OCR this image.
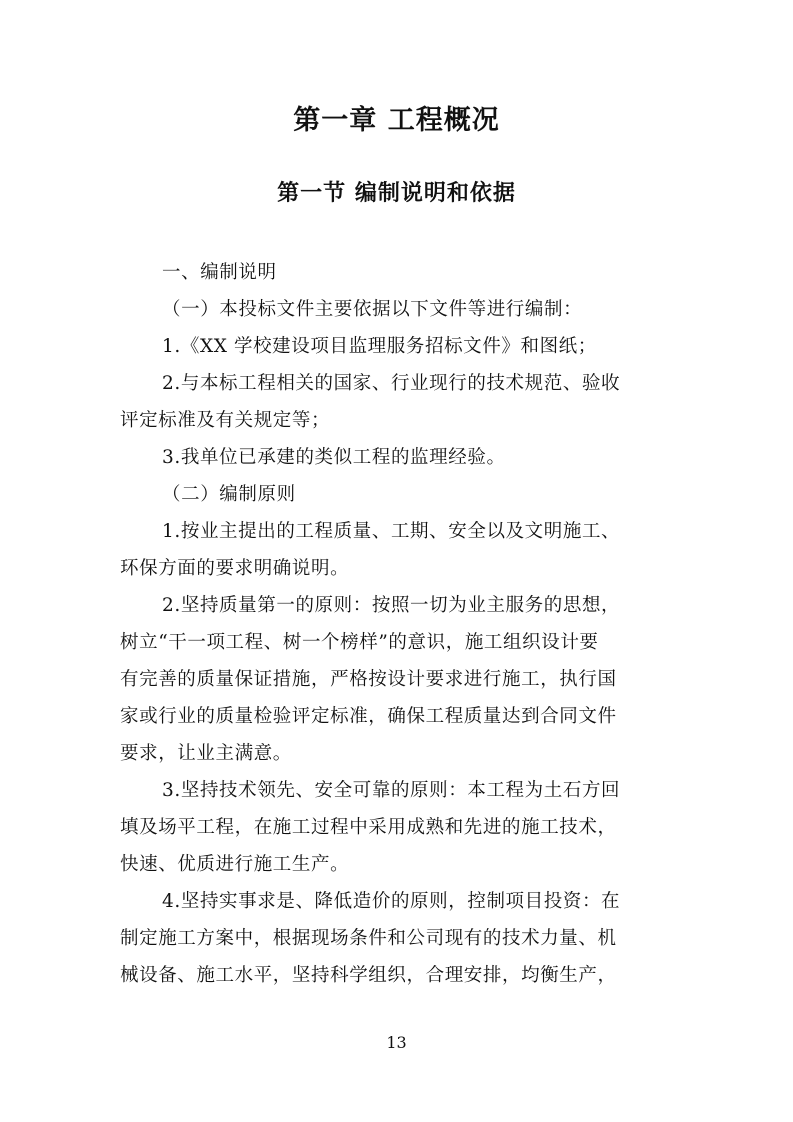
第一章 工程概况
第一节 编制说明和依据
一、编制说明
（一）本投标文件主要依据以下文件等进行编制：
1.《XX 学校建设项目监理服务招标文件》和图纸；
2.与本标工程相关的国家、行业现行的技术规范、验收
评定标准及有关规定等；
3.我单位已承建的类似工程的监理经验。
（二）编制原则
1.按业主提出的工程质量、工期、安全以及文明施工、
环保方面的要求明确说明。
2.坚持质量第一的原则：按照一切为业主服务的思想，
树立“干一项工程、树一个榜样”的意识，施工组织设计要
有完善的质量保证措施，严格按设计要求进行施工，执行国
家或行业的质量检验评定标准，确保工程质量达到合同文件
要求，让业主满意。
3.坚持技术领先、安全可靠的原则：本工程为土石方回
填及场平工程，在施工过程中采用成熟和先进的施工技术，
快速、优质进行施工生产。
4.坚持实事求是、降低造价的原则，控制项目投资：在
制定施工方案中，根据现场条件和公司现有的技术力量、机
械设备、施工水平，坚持科学组织，合理安排，均衡生产，
13
